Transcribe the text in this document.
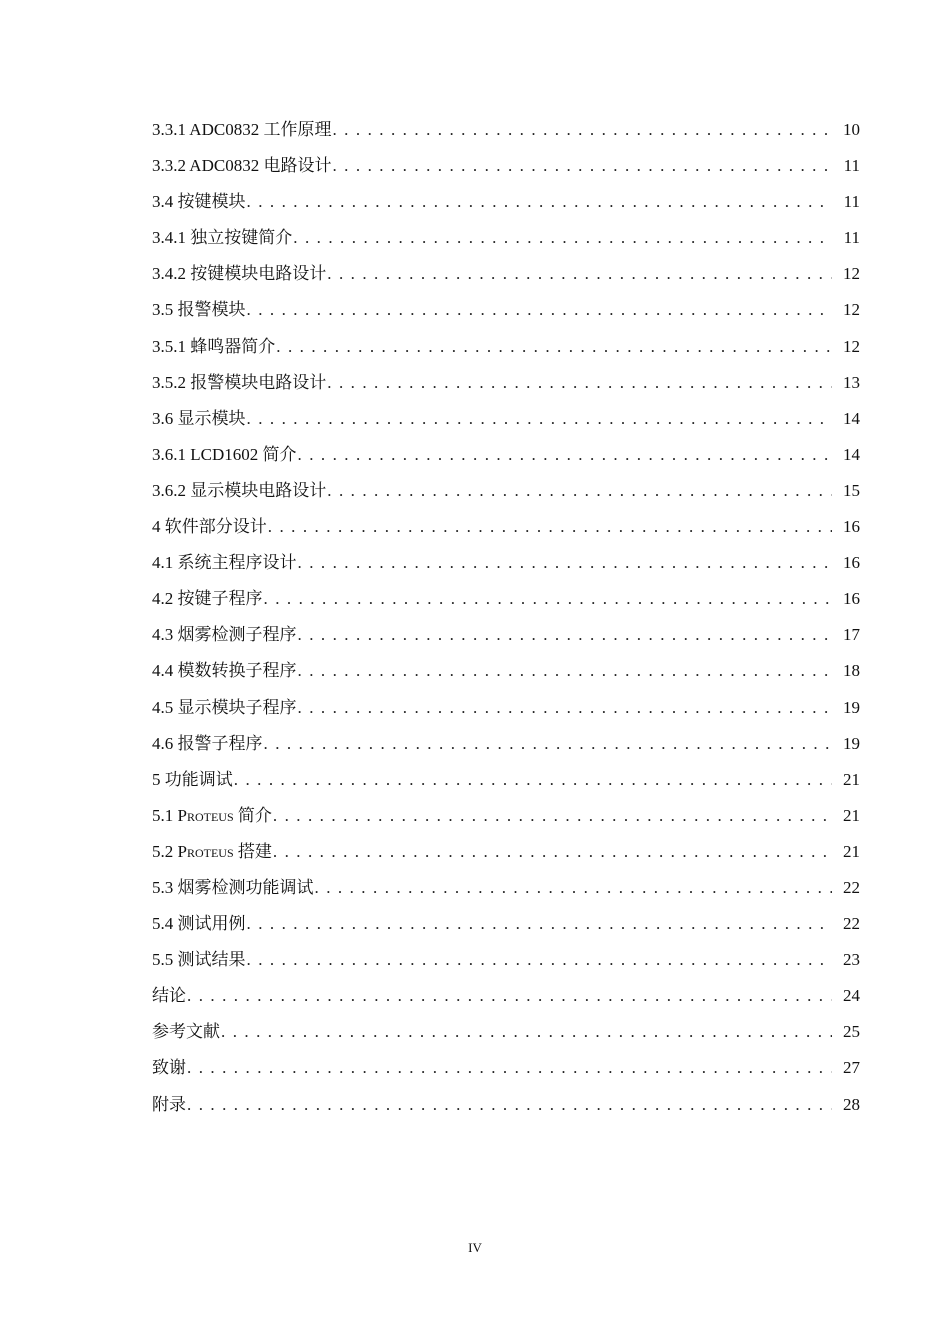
3.3.1 ADC0832 工作原理 . . .	10
3.3.2 ADC0832 电路设计 . . .	11
3.4 按键模块 . . .	11
3.4.1 独立按键简介 . . .	11
3.4.2 按键模块电路设计 . . .	12
3.5 报警模块 . . .	12
3.5.1 蜂鸣器简介 . . .	12
3.5.2 报警模块电路设计 . . .	13
3.6 显示模块 . . .	14
3.6.1 LCD1602 简介 . . .	14
3.6.2 显示模块电路设计 . . .	15
4 软件部分设计 . . .	16
4.1 系统主程序设计 . . .	16
4.2 按键子程序 . . .	16
4.3 烟雾检测子程序 . . .	17
4.4 模数转换子程序 . . .	18
4.5 显示模块子程序 . . .	19
4.6 报警子程序 . . .	19
5 功能调试 . . .	21
5.1 Proteus 简介 . . .	21
5.2 Proteus 搭建 . . .	21
5.3 烟雾检测功能调试 . . .	22
5.4 测试用例 . . .	22
5.5 测试结果 . . .	23
结论 . . .	24
参考文献 . . .	25
致谢 . . .	27
附录 . . .	28
IV
